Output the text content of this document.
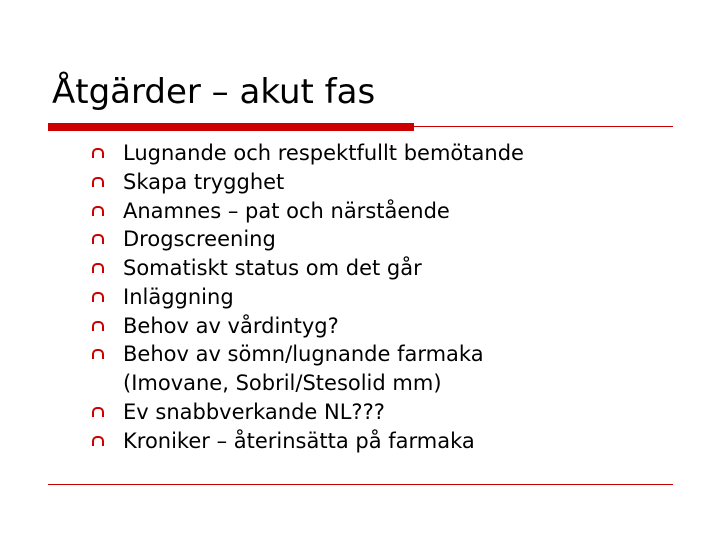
Åtgärder – akut fas
Lugnande och respektfullt bemötande
Skapa trygghet
Anamnes – pat och närstående
Drogscreening
Somatiskt status om det går
Inläggning
Behov av vårdintyg?
Behov av sömn/lugnande farmaka
(Imovane, Sobril/Stesolid mm)
Ev snabbverkande NL???
Kroniker – återinsätta på farmaka
